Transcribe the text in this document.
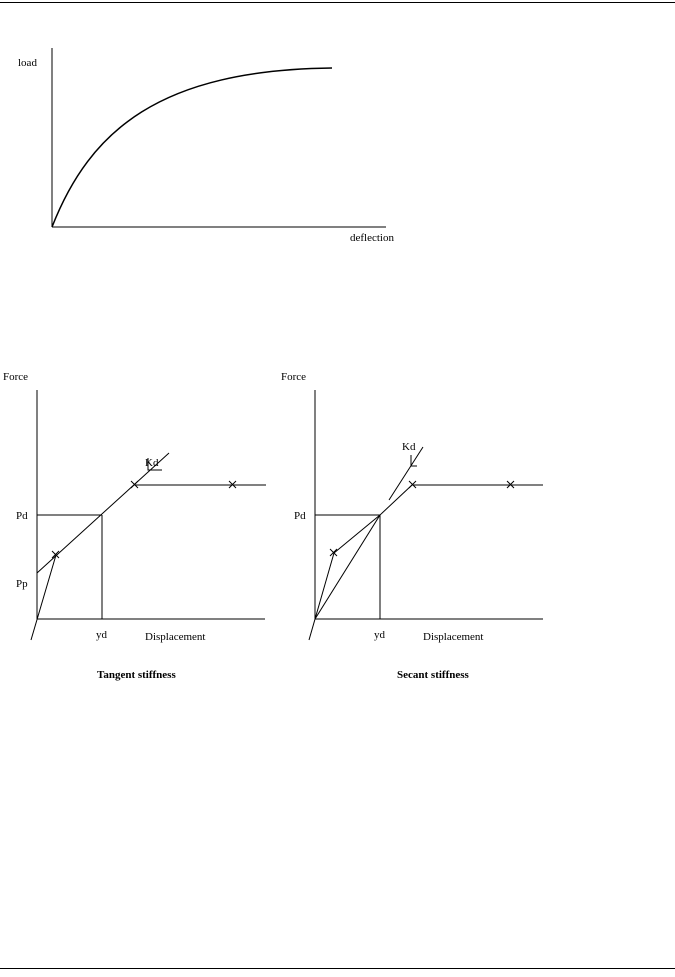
load
deflection
Force
Kd
Pd
Pp
yd	Displacement
Tangent stiffness
Force
Kd
Pd
yd	Displacement
Secant stiffness
